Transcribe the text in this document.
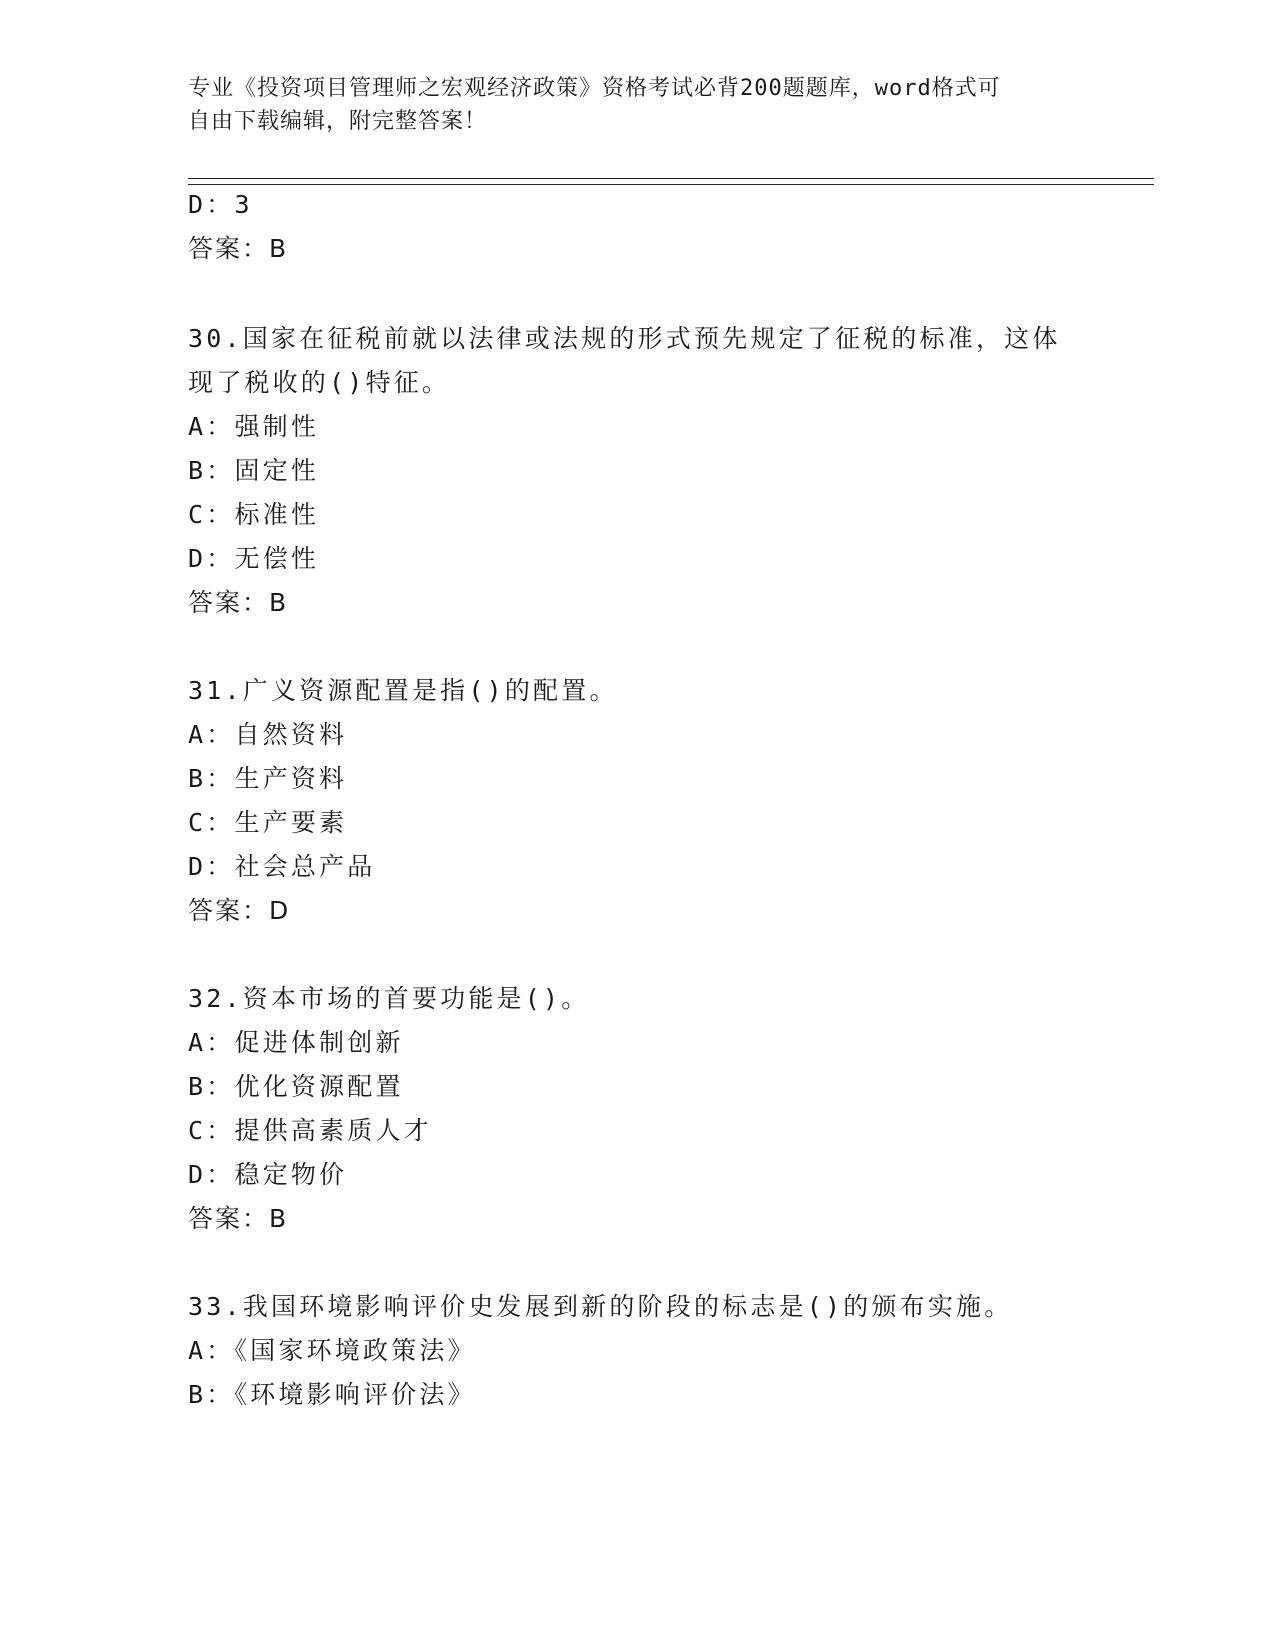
专业《投资项目管理师之宏观经济政策》资格考试必背200题题库，word格式可
自由下载编辑，附完整答案！
D：3
答案：B
30.国家在征税前就以法律或法规的形式预先规定了征税的标准，这体
现了税收的()特征。
A：强制性
B：固定性
C：标准性
D：无偿性
答案：B
31.广义资源配置是指()的配置。
A：自然资料
B：生产资料
C：生产要素
D：社会总产品
答案：D
32.资本市场的首要功能是()。
A：促进体制创新
B：优化资源配置
C：提供高素质人才
D：稳定物价
答案：B
33.我国环境影响评价史发展到新的阶段的标志是()的颁布实施。
A：《国家环境政策法》
B：《环境影响评价法》
